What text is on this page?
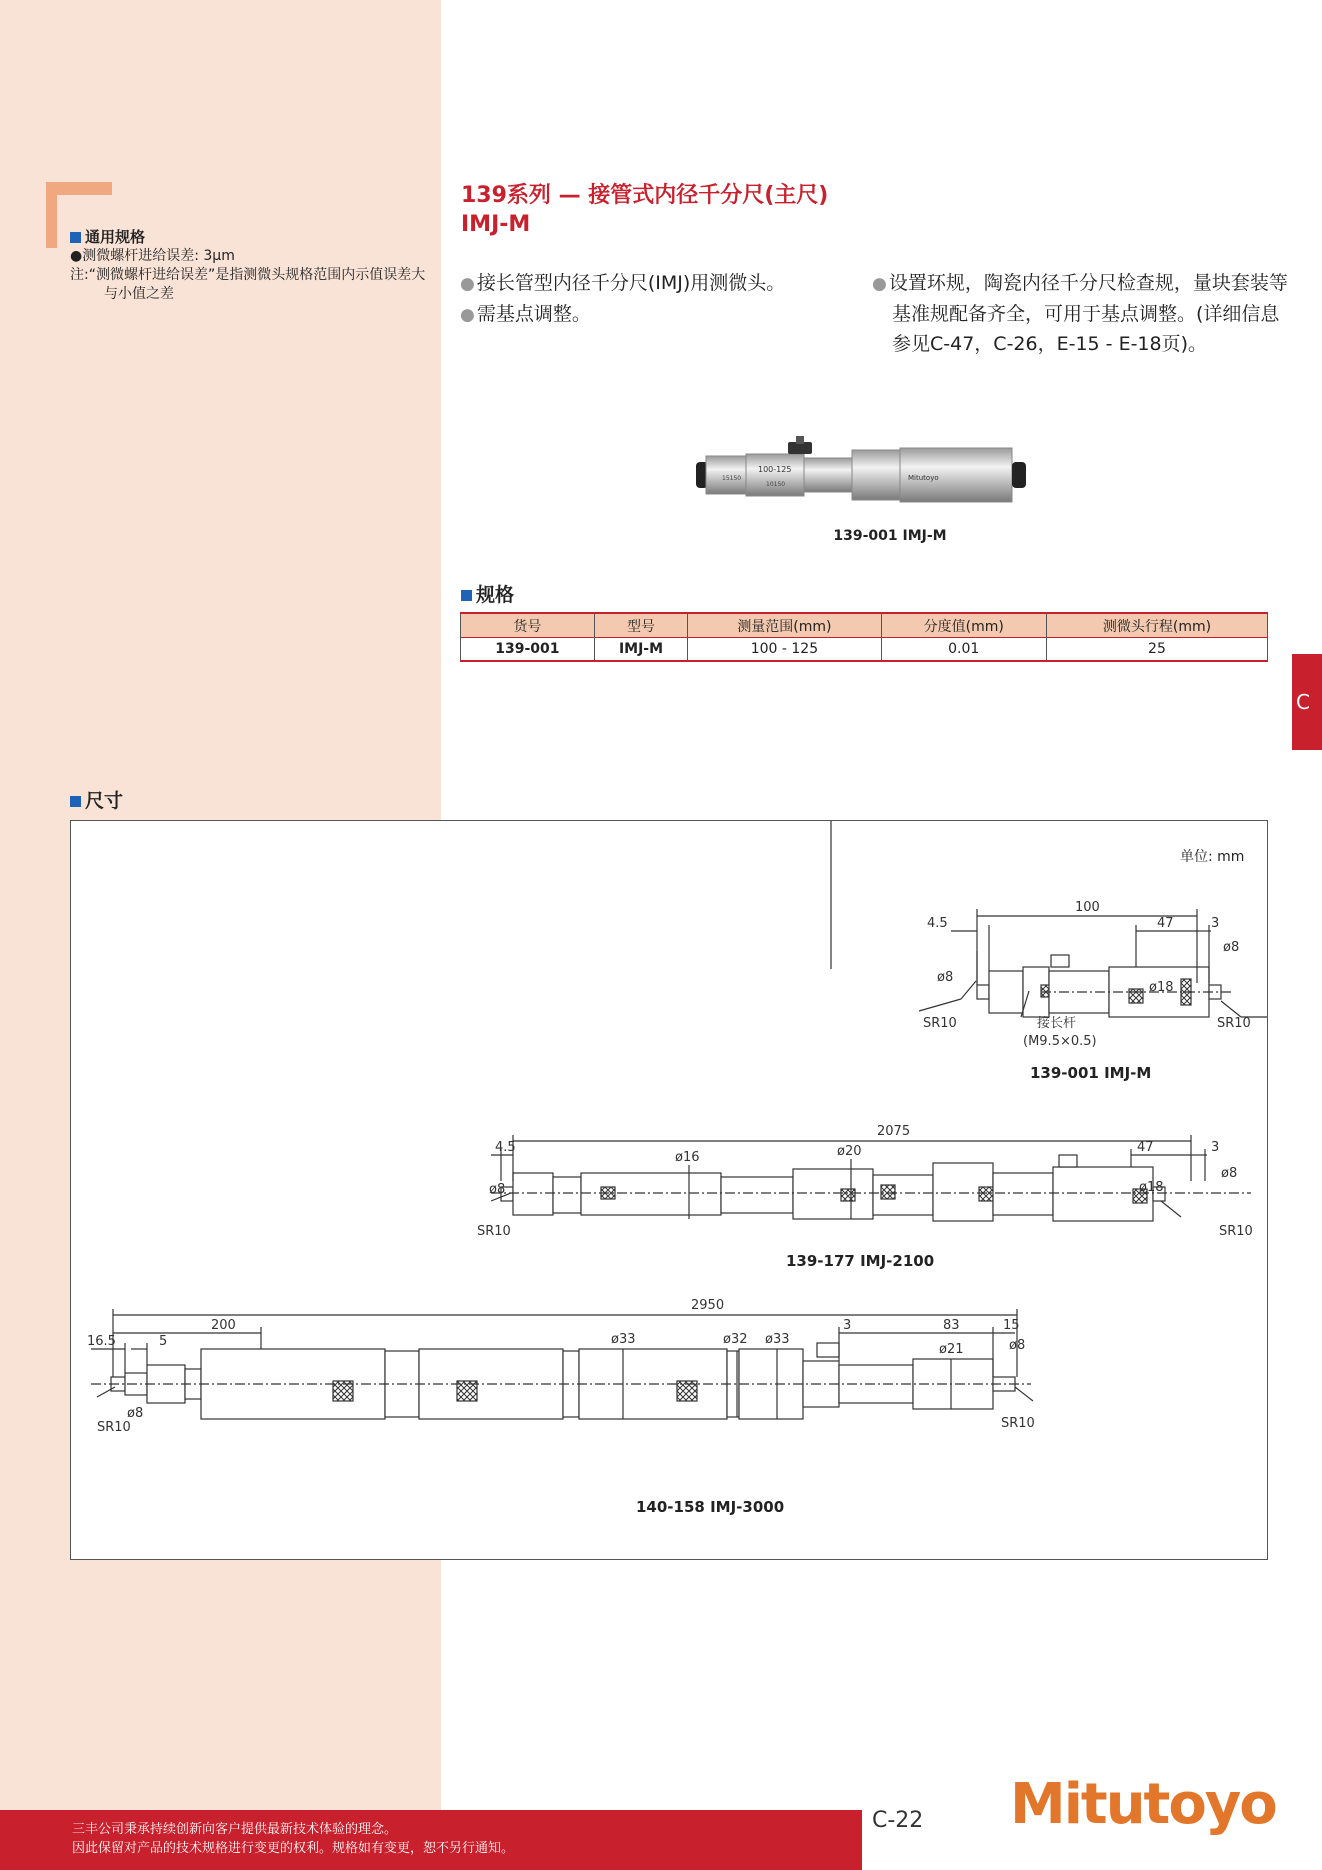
通用规格
●测微螺杆进给误差: 3μm
注:“测微螺杆进给误差”是指测微头规格范围内示值误差大与小值之差
139系列 — 接管式内径千分尺(主尺)
IMJ-M
● 接长管型内径千分尺(IMJ)用测微头。
● 需基点调整。
● 设置环规，陶瓷内径千分尺检查规，量块套装等基准规配备齐全，可用于基点调整。(详细信息参见C-47，C-26，E-15 - E-18页)。
15150
100-125
10150
Mitutoyo
139-001 IMJ-M
规格
货号	型号	测量范围(mm)	分度值(mm)	测微头行程(mm)
139-001	IMJ-M	100 - 125	0.01	25
C
尺寸
100
4.5	47	3
ø8
ø8
ø18
SR10	SR10
接长杆
(M9.5×0.5)
2075
4.5	47	3
ø16	ø20
ø8
ø8
ø18
SR10	SR10
2950
200
16.5	5
3	83	15
ø33	ø32 ø33
ø21	ø8
ø8
SR10	SR10
单位: mm
139-001 IMJ-M
139-177 IMJ-2100
140-158 IMJ-3000
三丰公司秉承持续创新向客户提供最新技术体验的理念。
因此保留对产品的技术规格进行变更的权利。规格如有变更，恕不另行通知。
C-22 Mitutoyo
